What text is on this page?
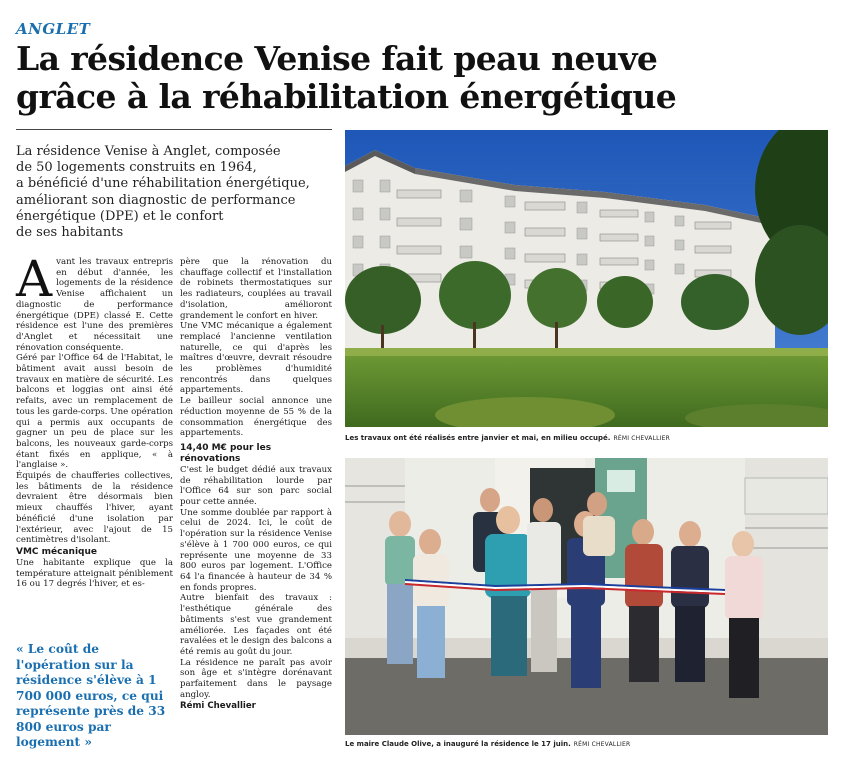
ANGLET
La résidence Venise fait peau neuve
grâce à la réhabilitation énergétique
La résidence Venise à Anglet, composée
de 50 logements construits en 1964,
a bénéficié d'une réhabilitation énergétique,
améliorant son diagnostic de performance
énergétique (DPE) et le confort
de ses habitants
A vant les travaux entrepris en début d'année, les logements de la résidence Venise affichaient un diagnostic de performance énergétique (DPE) classé E. Cette résidence est l'une des premières d'Anglet et nécessitait une rénovation conséquente.

Géré par l'Office 64 de l'Habitat, le bâtiment avait aussi besoin de travaux en matière de sécurité. Les balcons et loggias ont ainsi été refaits, avec un remplacement de tous les garde-corps. Une opération qui a permis aux occupants de gagner un peu de place sur les balcons, les nouveaux garde-corps étant fixés en applique, « à l'anglaise ».

Équipés de chaufferies collectives, les bâtiments de la résidence devraient être désormais bien mieux chauffés l'hiver, ayant bénéficié d'une isolation par l'extérieur, avec l'ajout de 15 centimètres d'isolant.

VMC mécanique

Une habitante explique que la température atteignait péniblement 16 ou 17 degrés l'hiver, et es-

« Le coût de l'opération sur la résidence s'élève à 1 700 000 euros, ce qui représente près de 33 800 euros par logement »

père que la rénovation du chauffage collectif et l'installation de robinets thermostatiques sur les radiateurs, couplées au travail d'isolation, amélioront grandement le confort en hiver.

Une VMC mécanique a également remplacé l'ancienne ventilation naturelle, ce qui d'après les maîtres d'œuvre, devrait résoudre les problèmes d'humidité rencontrés dans quelques appartements.

Le bailleur social annonce une réduction moyenne de 55 % de la consommation énergétique des appartements.

14,40 M€ pour les rénovations

C'est le budget dédié aux travaux de réhabilitation lourde par l'Office 64 sur son parc social pour cette année.

Une somme doublée par rapport à celui de 2024. Ici, le coût de l'opération sur la résidence Venise s'élève à 1 700 000 euros, ce qui représente une moyenne de 33 800 euros par logement. L'Office 64 l'a financée à hauteur de 34 % en fonds propres.

Autre bienfait des travaux : l'esthétique générale des bâtiments s'est vue grandement améliorée. Les façades ont été ravalées et le design des balcons a été remis au goût du jour.

La résidence ne paraît pas avoir son âge et s'intègre dorénavant parfaitement dans le paysage angloy.

Rémi Chevallier
Les travaux ont été réalisés entre janvier et mai, en milieu occupé. RÉMI CHEVALLIER
Le maire Claude Olive, a inauguré la résidence le 17 juin. RÉMI CHEVALLIER
